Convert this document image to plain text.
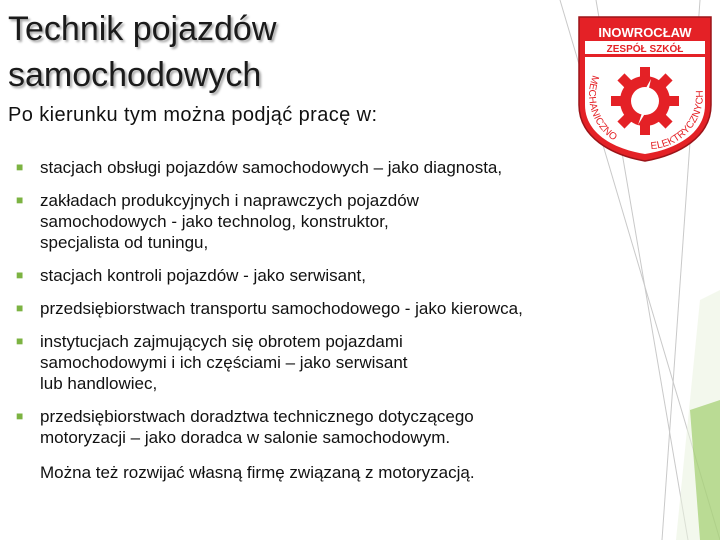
Technik pojazdów
samochodowych
Po kierunku tym można podjąć pracę w:
■ stacjach obsługi pojazdów samochodowych – jako diagnosta,
■ zakładach produkcyjnych i naprawczych pojazdów
samochodowych - jako technolog, konstruktor,
specjalista od tuningu,
■ stacjach kontroli pojazdów - jako serwisant,
■ przedsiębiorstwach transportu samochodowego - jako kierowca,
■ instytucjach zajmujących się obrotem pojazdami
samochodowymi i ich częściami – jako serwisant
lub handlowiec,
■ przedsiębiorstwach doradztwa technicznego dotyczącego
motoryzacji – jako doradca w salonie samochodowym.
Można też rozwijać własną firmę związaną z motoryzacją.
INOWROCŁAW
ZESPÓŁ SZKÓŁ
MECHANICZNO
ELEKTRYCZNYCH
